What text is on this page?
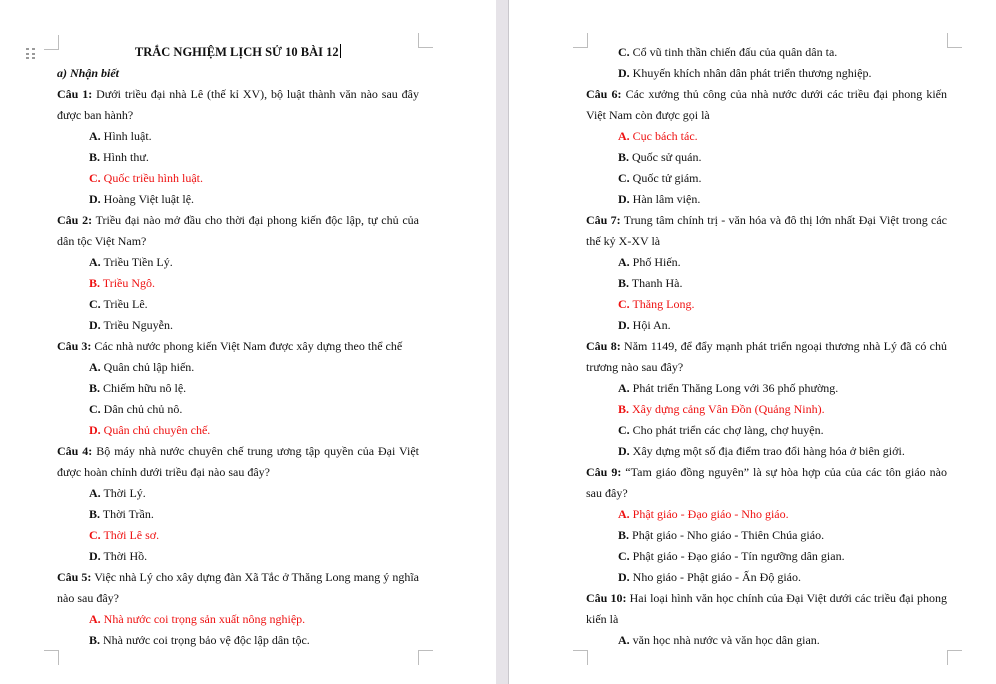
TRẮC NGHIỆM LỊCH SỬ 10 BÀI 12
a) Nhận biết
Câu 1: Dưới triều đại nhà Lê (thế kỉ XV), bộ luật thành văn nào sau đây được ban hành?
A. Hình luật.
B. Hình thư.
C. Quốc triều hình luật.
D. Hoàng Việt luật lệ.
Câu 2: Triều đại nào mở đầu cho thời đại phong kiến độc lập, tự chủ của dân tộc Việt Nam?
A. Triều Tiền Lý.
B. Triều Ngô.
C. Triều Lê.
D. Triều Nguyễn.
Câu 3: Các nhà nước phong kiến Việt Nam được xây dựng theo thể chế
A. Quân chủ lập hiến.
B. Chiếm hữu nô lệ.
C. Dân chủ chủ nô.
D. Quân chủ chuyên chế.
Câu 4: Bộ máy nhà nước chuyên chế trung ương tập quyền của Đại Việt được hoàn chỉnh dưới triều đại nào sau đây?
A. Thời Lý.
B. Thời Trần.
C. Thời Lê sơ.
D. Thời Hồ.
Câu 5: Việc nhà Lý cho xây dựng đàn Xã Tắc ở Thăng Long mang ý nghĩa nào sau đây?
A. Nhà nước coi trọng sản xuất nông nghiệp.
B. Nhà nước coi trọng bảo vệ độc lập dân tộc.
C. Cổ vũ tinh thần chiến đấu của quân dân ta.
D. Khuyến khích nhân dân phát triển thương nghiệp.
Câu 6: Các xưởng thủ công của nhà nước dưới các triều đại phong kiến Việt Nam còn được gọi là
A. Cục bách tác.
B. Quốc sử quán.
C. Quốc tử giám.
D. Hàn lâm viện.
Câu 7: Trung tâm chính trị - văn hóa và đô thị lớn nhất Đại Việt trong các thế kỷ X-XV là
A. Phố Hiến.
B. Thanh Hà.
C. Thăng Long.
D. Hội An.
Câu 8: Năm 1149, để đẩy mạnh phát triển ngoại thương nhà Lý đã có chủ trương nào sau đây?
A. Phát triển Thăng Long với 36 phố phường.
B. Xây dựng cảng Vân Đồn (Quảng Ninh).
C. Cho phát triển các chợ làng, chợ huyện.
D. Xây dựng một số địa điểm trao đổi hàng hóa ở biên giới.
Câu 9: “Tam giáo đồng nguyên” là sự hòa hợp của của các tôn giáo nào sau đây?
A. Phật giáo - Đạo giáo - Nho giáo.
B. Phật giáo - Nho giáo - Thiên Chúa giáo.
C. Phật giáo - Đạo giáo - Tín ngưỡng dân gian.
D. Nho giáo - Phật giáo - Ấn Độ giáo.
Câu 10: Hai loại hình văn học chính của Đại Việt dưới các triều đại phong kiến là
A. văn học nhà nước và văn học dân gian.
